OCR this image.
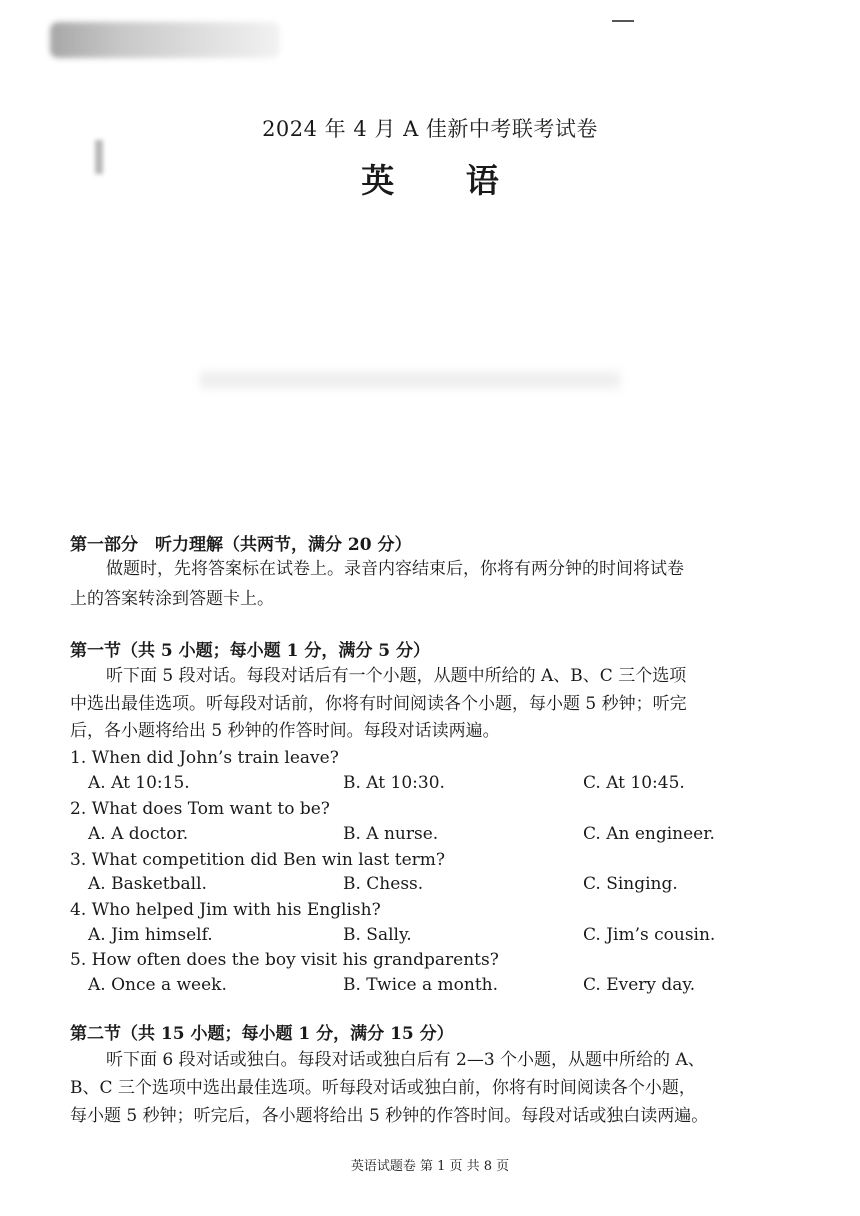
2024 年 4 月 A 佳新中考联考试卷
英 语
第一部分　听力理解（共两节，满分 20 分）
做题时，先将答案标在试卷上。录音内容结束后，你将有两分钟的时间将试卷
上的答案转涂到答题卡上。
第一节（共 5 小题；每小题 1 分，满分 5 分）
听下面 5 段对话。每段对话后有一个小题，从题中所给的 A、B、C 三个选项
中选出最佳选项。听每段对话前，你将有时间阅读各个小题，每小题 5 秒钟；听完
后，各小题将给出 5 秒钟的作答时间。每段对话读两遍。
1. When did John’s train leave?
A. At 10:15.	B. At 10:30.	C. At 10:45.
2. What does Tom want to be?
A. A doctor.	B. A nurse.	C. An engineer.
3. What competition did Ben win last term?
A. Basketball.	B. Chess.	C. Singing.
4. Who helped Jim with his English?
A. Jim himself.	B. Sally.	C. Jim’s cousin.
5. How often does the boy visit his grandparents?
A. Once a week.	B. Twice a month.	C. Every day.
第二节（共 15 小题；每小题 1 分，满分 15 分）
听下面 6 段对话或独白。每段对话或独白后有 2—3 个小题，从题中所给的 A、
B、C 三个选项中选出最佳选项。听每段对话或独白前，你将有时间阅读各个小题，
每小题 5 秒钟；听完后，各小题将给出 5 秒钟的作答时间。每段对话或独白读两遍。
英语试题卷 第 1 页 共 8 页
